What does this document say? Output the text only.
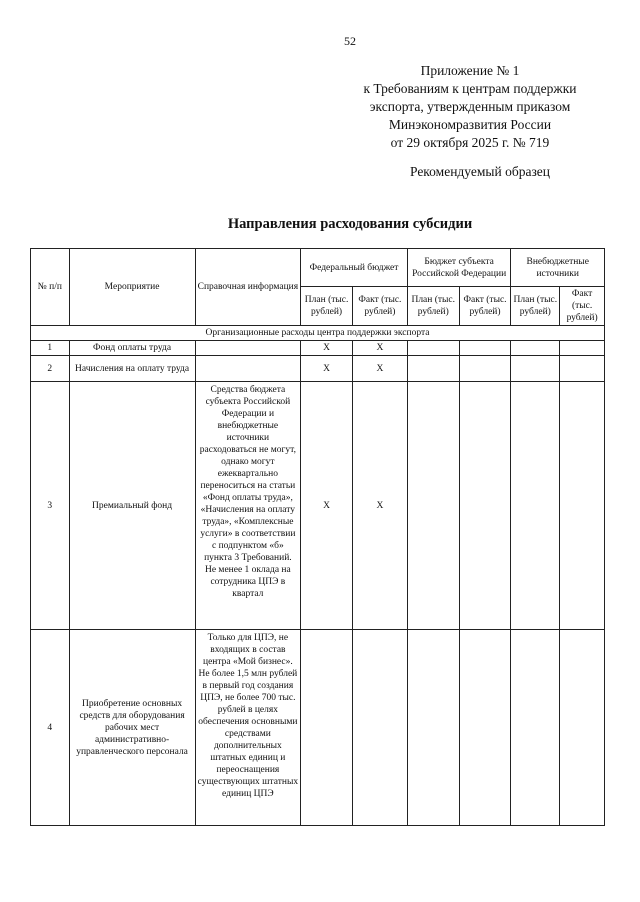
52
Приложение № 1
к Требованиям к центрам поддержки
экспорта, утвержденным приказом
Минэкономразвития России
от 29 октября 2025 г. № 719
Рекомендуемый образец
Направления расходования субсидии
№ п/п	Мероприятие	Справочная информация	Федеральный бюджет		Бюджет субъекта Российской Федерации		Внебюджетные источники	
			План (тыс. рублей)	Факт (тыс. рублей)	План (тыс. рублей)	Факт (тыс. рублей)	План (тыс. рублей)	Факт (тыс. рублей)
Организационные расходы центра поддержки экспорта								
1	Фонд оплаты труда		X	X				
2	Начисления на оплату труда		X	X				
3	Премиальный фонд	Средства бюджета субъекта Российской Федерации и внебюджетные источники расходоваться не могут, однако могут ежеквартально переноситься на статьи «Фонд оплаты труда», «Начисления на оплату труда», «Комплексные услуги» в соответствии с подпунктом «б» пункта 3 Требований. Не менее 1 оклада на сотрудника ЦПЭ в квартал	X	X				
4	Приобретение основных средств для оборудования рабочих мест административно-управленческого персонала	Только для ЦПЭ, не входящих в состав центра «Мой бизнес». Не более 1,5 млн рублей в первый год создания ЦПЭ, не более 700 тыс. рублей в целях обеспечения основными средствами дополнительных штатных единиц и переоснащения существующих штатных единиц ЦПЭ						
